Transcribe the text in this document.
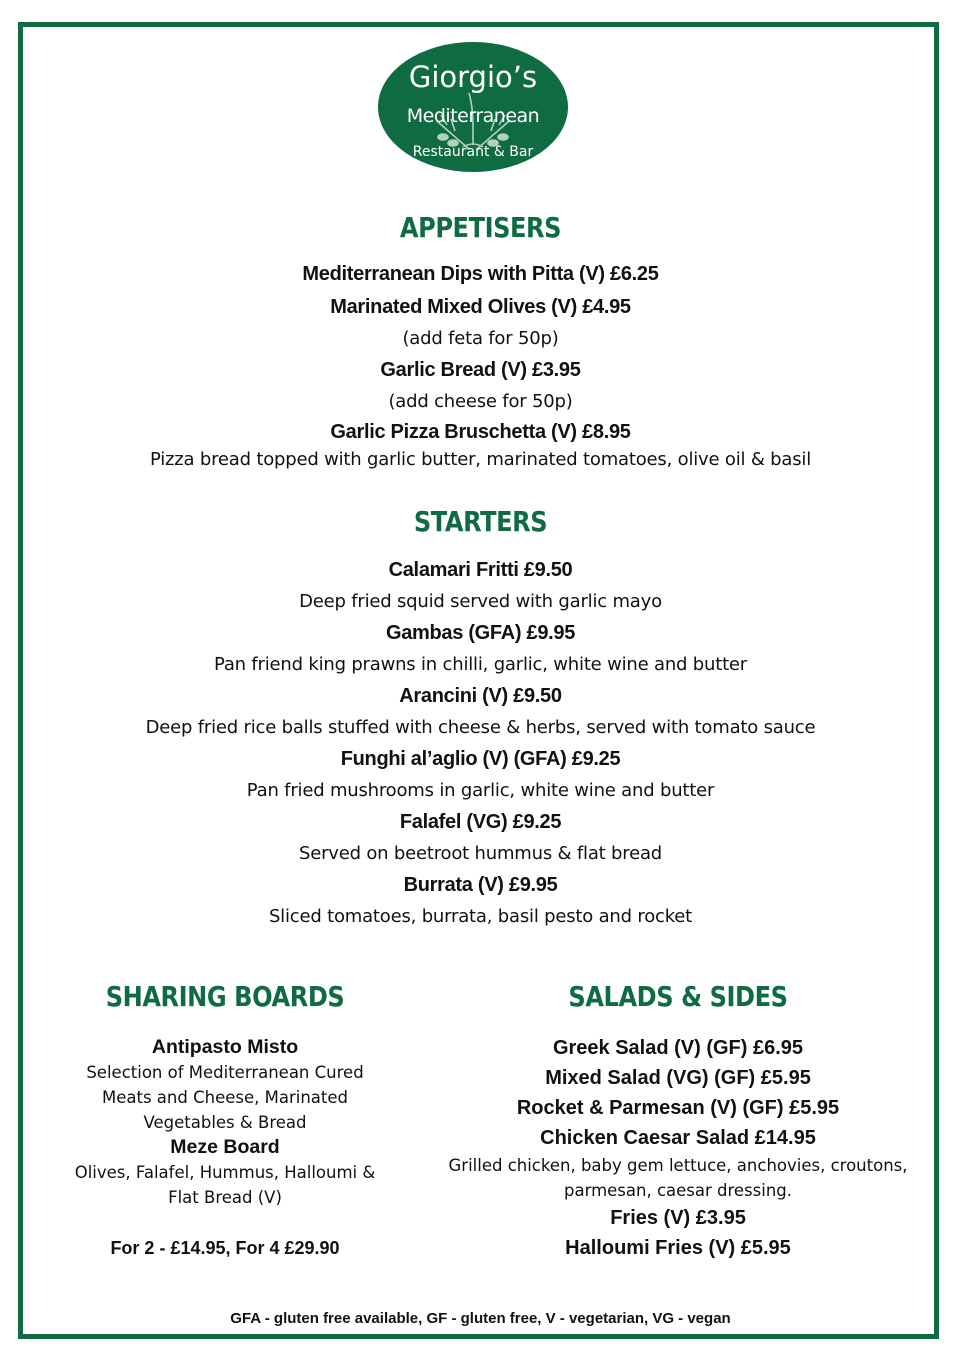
Giorgio’s
Mediterranean
Restaurant & Bar
APPETISERS
Mediterranean Dips with Pitta (V) £6.25
Marinated Mixed Olives (V) £4.95
(add feta for 50p)
Garlic Bread (V) £3.95
(add cheese for 50p)
Garlic Pizza Bruschetta (V) £8.95
Pizza bread topped with garlic butter, marinated tomatoes, olive oil & basil
STARTERS
Calamari Fritti £9.50
Deep fried squid served with garlic mayo
Gambas (GFA) £9.95
Pan friend king prawns in chilli, garlic, white wine and butter
Arancini (V) £9.50
Deep fried rice balls stuffed with cheese & herbs, served with tomato sauce
Funghi al’aglio (V) (GFA) £9.25
Pan fried mushrooms in garlic, white wine and butter
Falafel (VG) £9.25
Served on beetroot hummus & flat bread
Burrata (V) £9.95
Sliced tomatoes, burrata, basil pesto and rocket
SHARING BOARDS
Antipasto Misto
Selection of Mediterranean Cured
Meats and Cheese, Marinated
Vegetables & Bread
Meze Board
Olives, Falafel, Hummus, Halloumi &
Flat Bread (V)
For 2 - £14.95, For 4 £29.90
SALADS & SIDES
Greek Salad (V) (GF) £6.95
Mixed Salad (VG) (GF) £5.95
Rocket & Parmesan (V) (GF) £5.95
Chicken Caesar Salad £14.95
Grilled chicken, baby gem lettuce, anchovies, croutons,
parmesan, caesar dressing.
Fries (V) £3.95
Halloumi Fries (V) £5.95
GFA - gluten free available, GF - gluten free, V - vegetarian, VG - vegan
